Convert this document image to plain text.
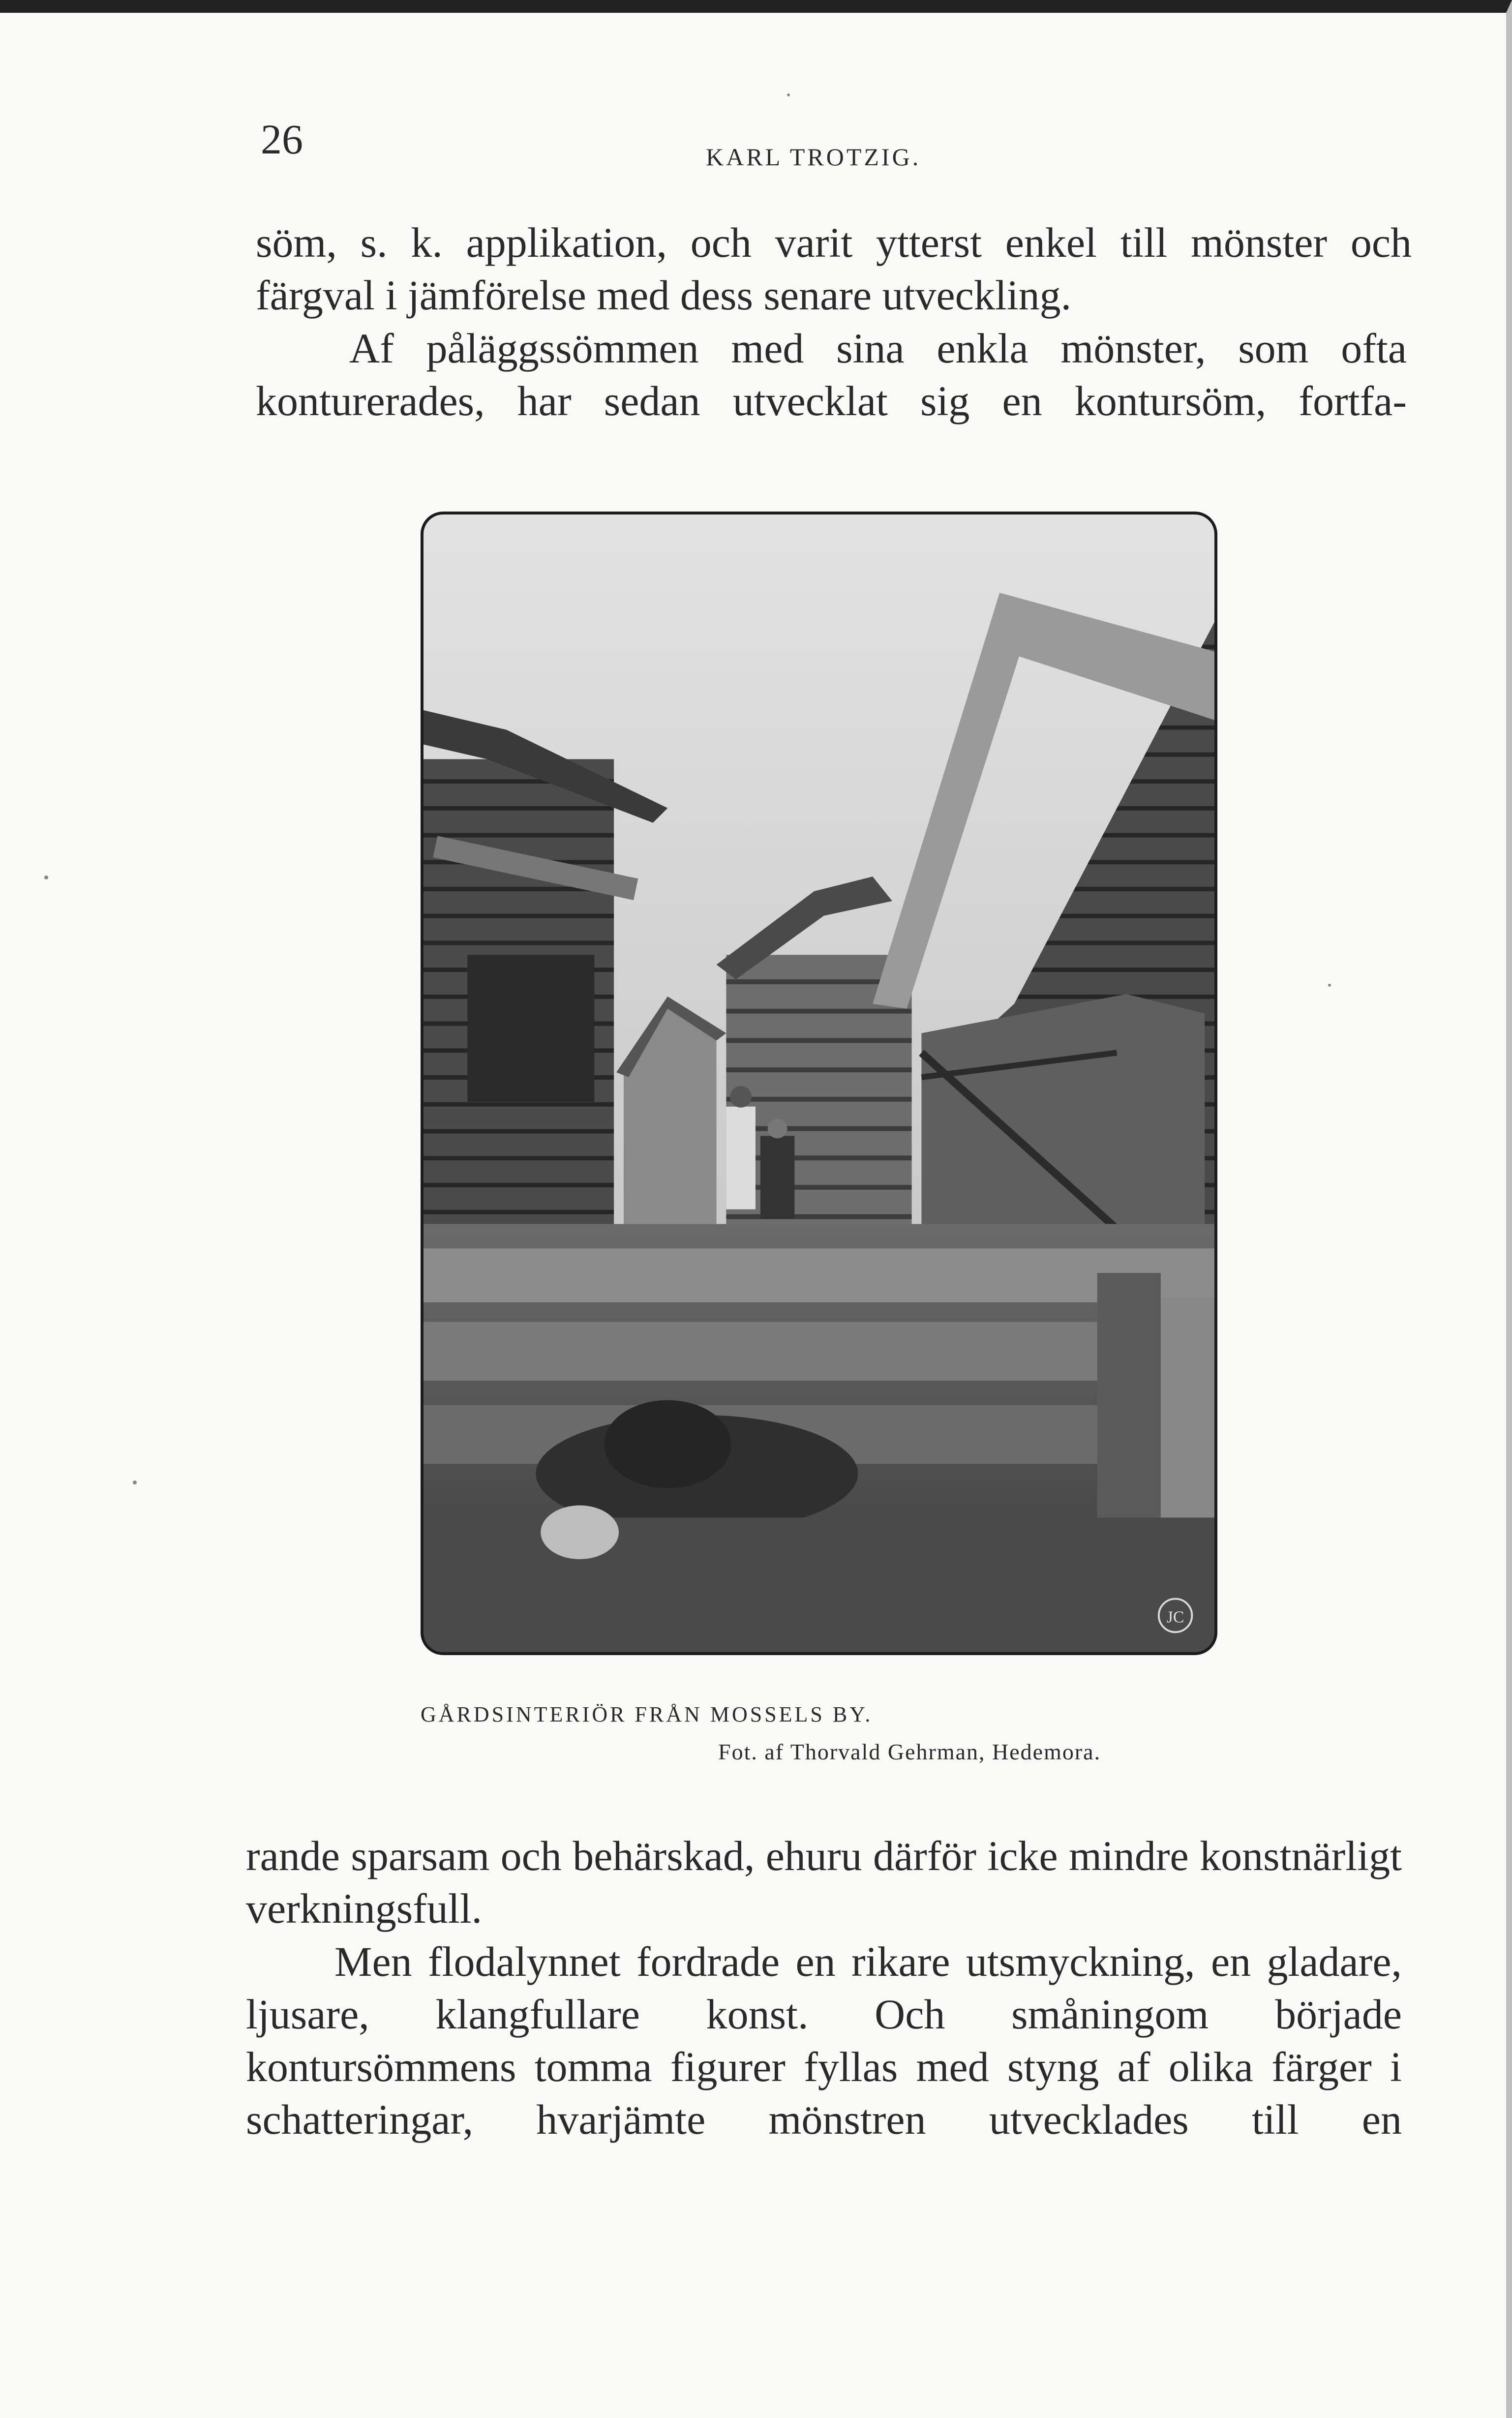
26	KARL TROTZIG.

söm, s. k. applikation, och varit ytterst enkel till mönster och färgval i jämförelse med dess senare utveckling.

Af påläggssömmen med sina enkla mönster, som ofta konturerades, har sedan utvecklat sig en kontursöm, fortfa-

JC
GÅRDSINTERIÖR FRÅN MOSSELS BY.
Fot. af Thorvald Gehrman, Hedemora.

rande sparsam och behärskad, ehuru därför icke mindre konstnärligt verkningsfull.

Men flodalynnet fordrade en rikare utsmyckning, en gladare, ljusare, klangfullare konst. Och småningom började kontursömmens tomma figurer fyllas med styng af olika färger i schatteringar, hvarjämte mönstren utvecklades till en
